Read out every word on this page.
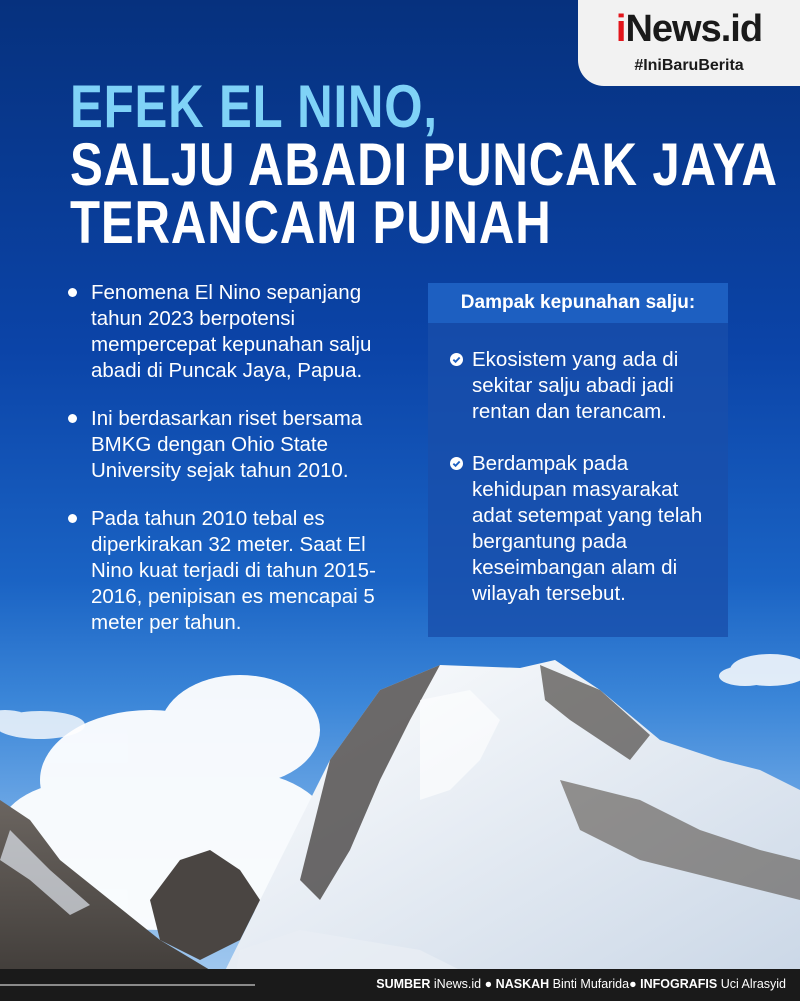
iNews.id
#IniBaruBerita
EFEK EL NINO,
SALJU ABADI PUNCAK JAYA
TERANCAM PUNAH
Fenomena El Nino sepanjang tahun 2023 berpotensi mempercepat kepunahan salju abadi di Puncak Jaya, Papua.
Ini berdasarkan riset bersama BMKG dengan Ohio State University sejak tahun 2010.
Pada tahun 2010 tebal es diperkirakan 32 meter. Saat El Nino kuat terjadi di tahun 2015-2016, penipisan es mencapai 5 meter per tahun.
Dampak kepunahan salju:
Ekosistem yang ada di sekitar salju abadi jadi rentan dan terancam.
Berdampak pada kehidupan masyarakat adat setempat yang telah bergantung pada keseimbangan alam di wilayah tersebut.
SUMBER iNews.id ● NASKAH Binti Mufarida● INFOGRAFIS Uci Alrasyid
